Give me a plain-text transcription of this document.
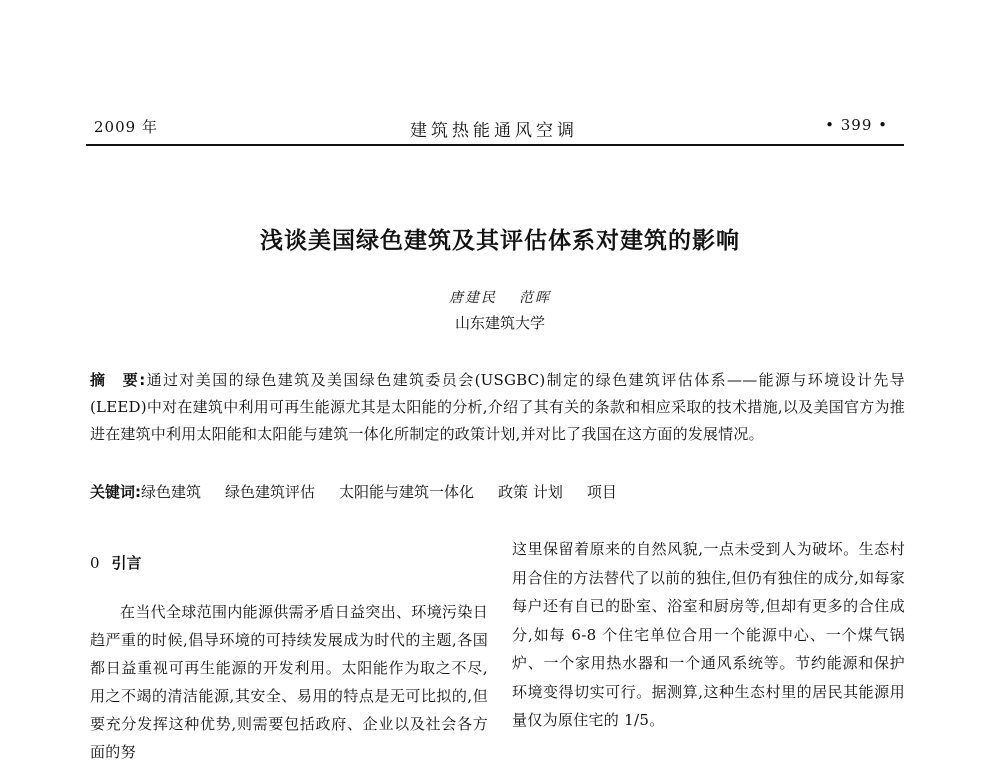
2009 年	建筑热能通风空调	• 399 •
浅谈美国绿色建筑及其评估体系对建筑的影响
唐建民 范晖
山东建筑大学
摘　要:通过对美国的绿色建筑及美国绿色建筑委员会(USGBC)制定的绿色建筑评估体系——能源与环境设计先导(LEED)中对在建筑中利用可再生能源尤其是太阳能的分析,介绍了其有关的条款和相应采取的技术措施,以及美国官方为推进在建筑中利用太阳能和太阳能与建筑一体化所制定的政策计划,并对比了我国在这方面的发展情况。
关键词:绿色建筑 绿色建筑评估 太阳能与建筑一体化 政策 计划 项目
0 引言
在当代全球范围内能源供需矛盾日益突出、环境污染日趋严重的时候,倡导环境的可持续发展成为时代的主题,各国都日益重视可再生能源的开发利用。太阳能作为取之不尽,用之不竭的清洁能源,其安全、易用的特点是无可比拟的,但要充分发挥这种优势,则需要包括政府、企业以及社会各方面的努
这里保留着原来的自然风貌,一点未受到人为破坏。生态村用合住的方法替代了以前的独住,但仍有独住的成分,如每家每户还有自已的卧室、浴室和厨房等,但却有更多的合住成分,如每 6-8 个住宅单位合用一个能源中心、一个煤气锅炉、一个家用热水器和一个通风系统等。节约能源和保护环境变得切实可行。据测算,这种生态村里的居民其能源用量仅为原住宅的 1/5。
